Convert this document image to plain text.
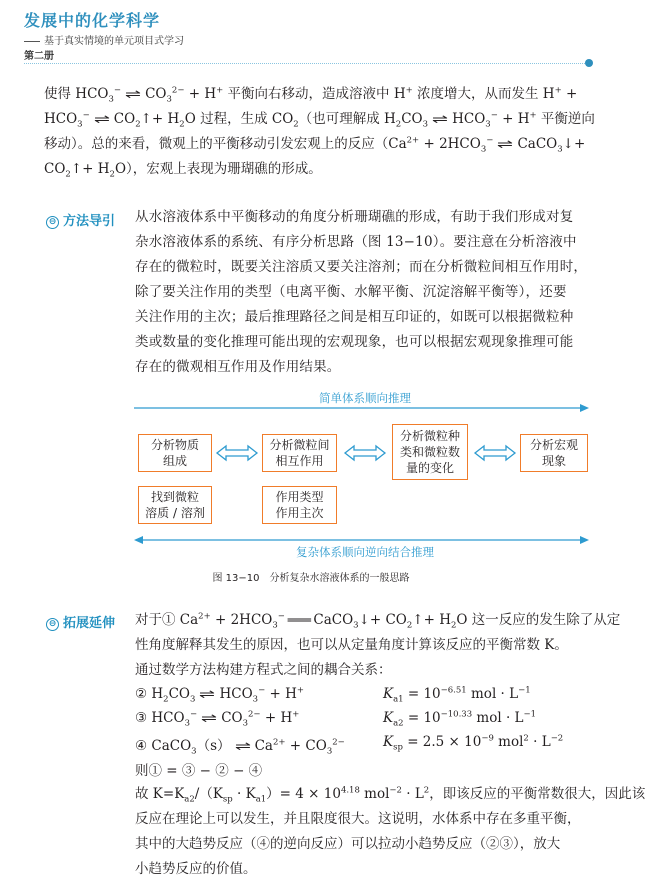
发展中的化学科学
基于真实情境的单元项目式学习
第二册
使得 $HCO_3^-$ ⇌ $CO_3^{2-} + H^+$ 平衡向右移动，造成溶液中 H+ 浓度增大，从而发生 H+ +
$HCO_3^-$ ⇌ $CO_2↑+ H_2O$ 过程，生成 $CO_2$（也可理解成 $H_2CO_3$ ⇌ $HCO_3^- + H^+$ 平衡逆向
移动）。总的来看，微观上的平衡移动引发宏观上的反应（$Ca^{2+} + 2HCO_3^-$ ⇌ CaCO$_3$↓+
$CO_2↑+ H_2O$），宏观上表现为珊瑚礁的形成。
⊖ 方法导引 从水溶液体系中平衡移动的角度分析珊瑚礁的形成，有助于我们形成对复
杂水溶液体系的系统、有序分析思路（图 13−10）。要注意在分析溶液中
存在的微粒时，既要关注溶质又要关注溶剂；而在分析微粒间相互作用时，
除了要关注作用的类型（电离平衡、水解平衡、沉淀溶解平衡等），还要
关注作用的主次；最后推理路径之间是相互印证的，如既可以根据微粒种
类或数量的变化推理可能出现的宏观现象，也可以根据宏观现象推理可能
存在的微观相互作用及作用结果。
简单体系顺向推理
分析物质
组成
分析微粒间
相互作用
分析微粒种
类和微粒数
量的变化
分析宏观
现象
找到微粒
溶质 / 溶剂
作用类型
作用主次
复杂体系顺向逆向结合推理
图 13−10　分析复杂水溶液体系的一般思路
⊖ 拓展延伸 对于① $Ca^{2+} + 2HCO_3^-$ ══ CaCO$_3$↓+ $CO_2↑+ H_2O$ 这一反应的发生除了从定
性角度解释其发生的原因，也可以从定量角度计算该反应的平衡常数 K。
通过数学方法构建方程式之间的耦合关系：
② $H_2CO_3$ ⇌ $HCO_3^- + H^+$	$K_{a1} = 10^{-6.51}$ mol · $L^{-1}$
③ $HCO_3^-$ ⇌ $CO_3^{2-} + H^+$	$K_{a2} = 10^{-10.33}$ mol · $L^{-1}$
④ CaCO$_3$（s） ⇌ $Ca^{2+} + CO_3^{2-}$	$K_{sp} = 2.5 \times 10^{-9}$ $mol^2 \cdot L^{-2}$
则① = ③ − ② − ④
故 $K=K_{a2}/(K_{sp} \cdot K_{a1})= 4 \times 10^{4.18}$ $mol^{-2} \cdot L^2$，即该反应的平衡常数很大，因此该
反应在理论上可以发生，并且限度很大。这说明，水体系中存在多重平衡，
其中的大趋势反应（④的逆向反应）可以拉动小趋势反应（②③），放大
小趋势反应的价值。
